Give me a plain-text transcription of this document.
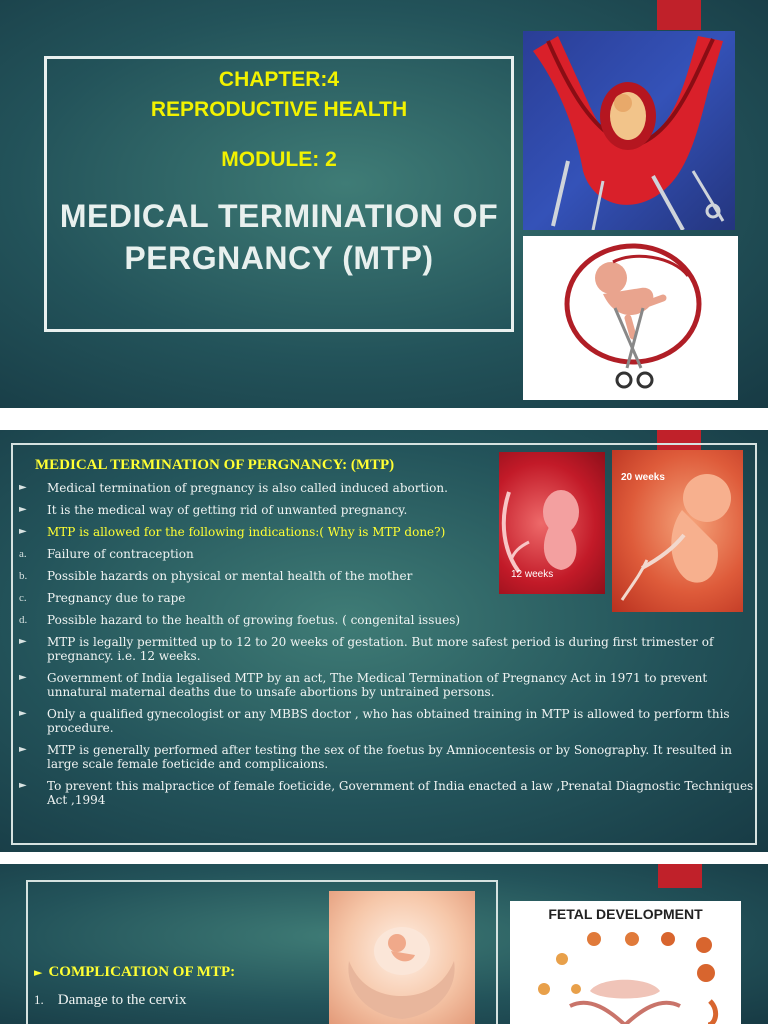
CHAPTER:4
REPRODUCTIVE HEALTH
MODULE: 2
MEDICAL TERMINATION OF
PERGNANCY (MTP)
MEDICAL TERMINATION OF PERGNANCY: (MTP)
► Medical termination of pregnancy is also called induced abortion.
► It is the medical way of getting rid of unwanted pregnancy.
► MTP is allowed for the following indications:( Why is MTP done?)
a. Failure of contraception
b. Possible hazards on physical or mental health of the mother
c. Pregnancy due to rape
d. Possible hazard to the health of growing foetus. ( congenital issues)
► MTP is legally permitted up to 12 to 20 weeks of gestation. But more safest period is during first trimester of pregnancy. i.e. 12 weeks.
► Government of India legalised MTP by an act, The Medical Termination of Pregnancy Act in 1971 to prevent unnatural maternal deaths due to unsafe abortions by untrained persons.
► Only a qualified gynecologist or any MBBS doctor , who has obtained training in MTP is allowed to perform this procedure.
► MTP is generally performed after testing the sex of the foetus by Amniocentesis or by Sonography. It resulted in large scale female foeticide and complicaions.
► To prevent this malpractice of female foeticide, Government of India enacted a law ,Prenatal Diagnostic Techniques Act ,1994
12 weeks
20 weeks
► COMPLICATION OF MTP:
1. Damage to the cervix
FETAL DEVELOPMENT
